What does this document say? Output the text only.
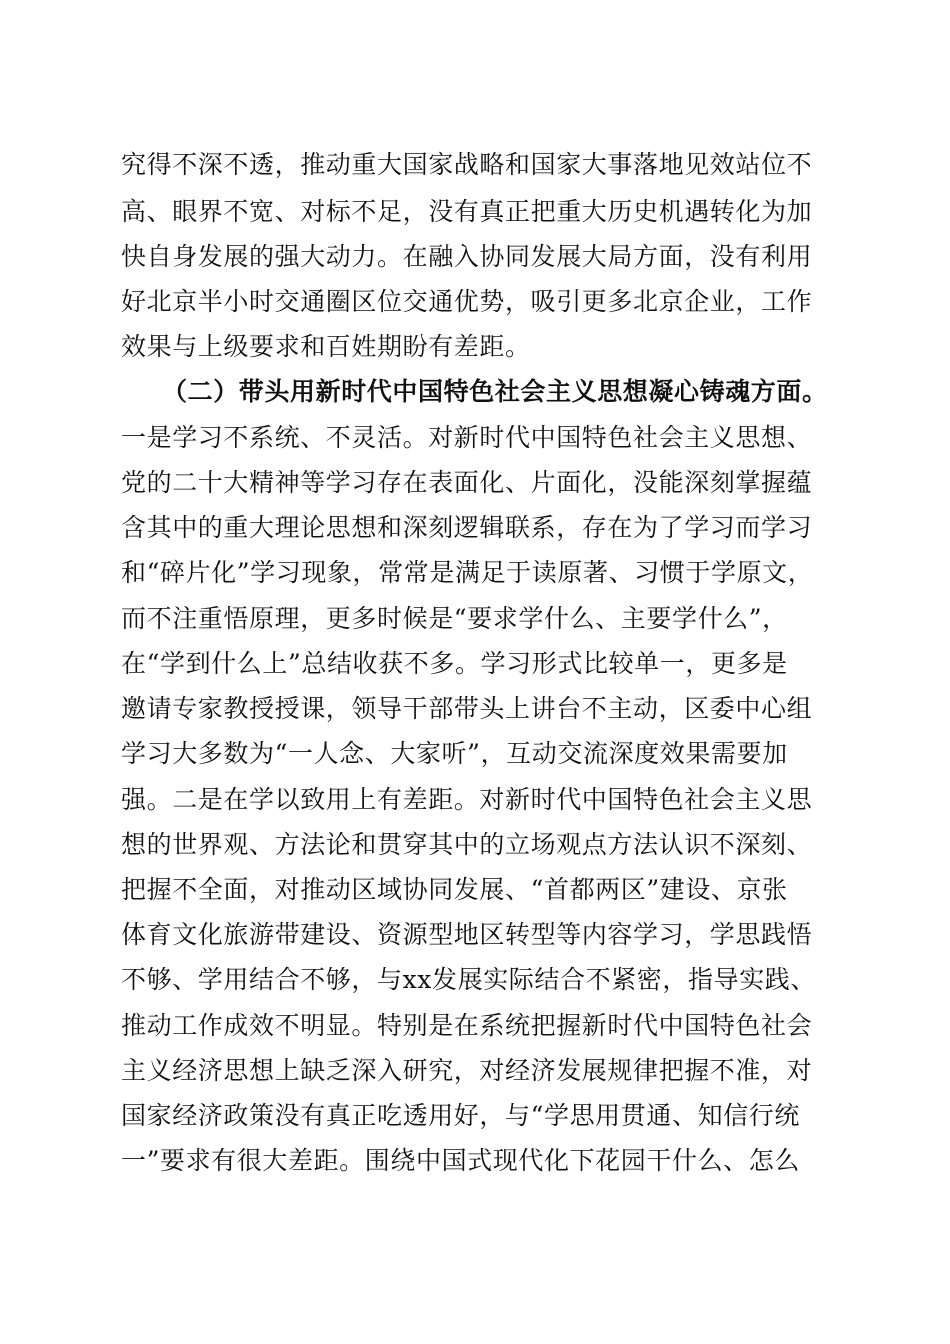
究得不深不透，推动重大国家战略和国家大事落地见效站位不
高、眼界不宽、对标不足，没有真正把重大历史机遇转化为加
快自身发展的强大动力。在融入协同发展大局方面，没有利用
好北京半小时交通圈区位交通优势，吸引更多北京企业，工作
效果与上级要求和百姓期盼有差距。
（二）带头用新时代中国特色社会主义思想凝心铸魂方面。
一是学习不系统、不灵活。对新时代中国特色社会主义思想、
党的二十大精神等学习存在表面化、片面化，没能深刻掌握蕴
含其中的重大理论思想和深刻逻辑联系，存在为了学习而学习
和“碎片化”学习现象，常常是满足于读原著、习惯于学原文，
而不注重悟原理，更多时候是“要求学什么、主要学什么”，
在“学到什么上”总结收获不多。学习形式比较单一，更多是
邀请专家教授授课，领导干部带头上讲台不主动，区委中心组
学习大多数为“一人念、大家听”，互动交流深度效果需要加
强。二是在学以致用上有差距。对新时代中国特色社会主义思
想的世界观、方法论和贯穿其中的立场观点方法认识不深刻、
把握不全面，对推动区域协同发展、“首都两区”建设、京张
体育文化旅游带建设、资源型地区转型等内容学习，学思践悟
不够、学用结合不够，与xx发展实际结合不紧密，指导实践、
推动工作成效不明显。特别是在系统把握新时代中国特色社会
主义经济思想上缺乏深入研究，对经济发展规律把握不准，对
国家经济政策没有真正吃透用好，与“学思用贯通、知信行统
一”要求有很大差距。围绕中国式现代化下花园干什么、怎么
